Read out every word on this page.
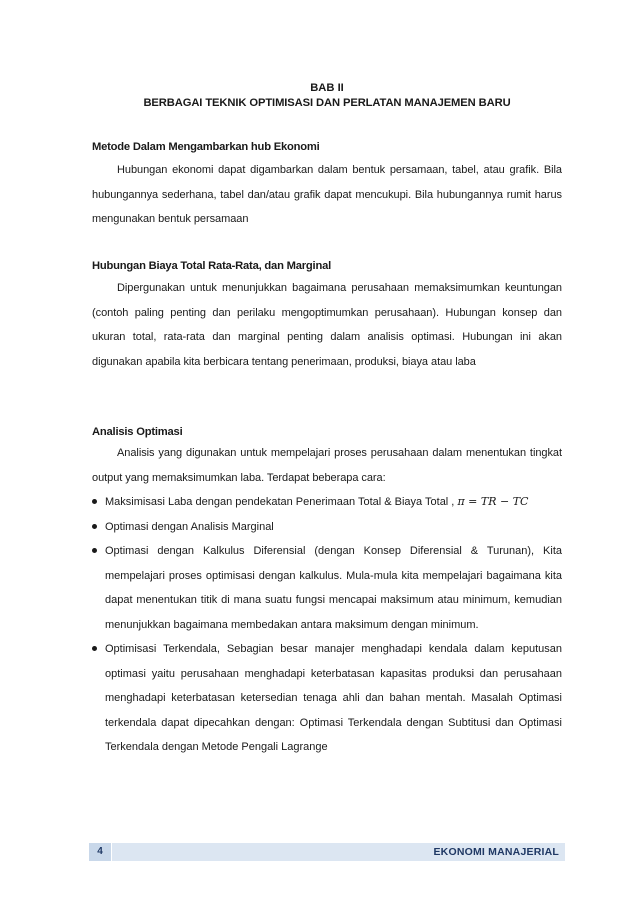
BAB II
BERBAGAI TEKNIK OPTIMISASI DAN PERLATAN MANAJEMEN BARU
Metode Dalam Mengambarkan hub Ekonomi
Hubungan ekonomi dapat digambarkan dalam bentuk persamaan, tabel, atau grafik. Bila hubungannya sederhana, tabel dan/atau grafik dapat mencukupi. Bila hubungannya rumit harus mengunakan bentuk persamaan
Hubungan Biaya Total Rata-Rata, dan Marginal
Dipergunakan untuk menunjukkan bagaimana perusahaan memaksimumkan keuntungan (contoh paling penting dan perilaku mengoptimumkan perusahaan). Hubungan konsep dan ukuran total, rata-rata dan marginal penting dalam analisis optimasi. Hubungan ini akan digunakan apabila kita berbicara tentang penerimaan, produksi, biaya atau laba
Analisis Optimasi
Analisis yang digunakan untuk mempelajari proses perusahaan dalam menentukan tingkat output yang memaksimumkan laba. Terdapat beberapa cara:
Maksimisasi Laba dengan pendekatan Penerimaan Total & Biaya Total , π = TR − TC
Optimasi dengan Analisis Marginal
Optimasi dengan Kalkulus Diferensial (dengan Konsep Diferensial & Turunan), Kita mempelajari proses optimisasi dengan kalkulus. Mula-mula kita mempelajari bagaimana kita dapat menentukan titik di mana suatu fungsi mencapai maksimum atau minimum, kemudian menunjukkan bagaimana membedakan antara maksimum dengan minimum.
Optimisasi Terkendala, Sebagian besar manajer menghadapi kendala dalam keputusan optimasi yaitu perusahaan menghadapi keterbatasan kapasitas produksi dan perusahaan menghadapi keterbatasan ketersedian tenaga ahli dan bahan mentah. Masalah Optimasi terkendala dapat dipecahkan dengan: Optimasi Terkendala dengan Subtitusi dan Optimasi Terkendala dengan Metode Pengali Lagrange
4	EKONOMI MANAJERIAL
